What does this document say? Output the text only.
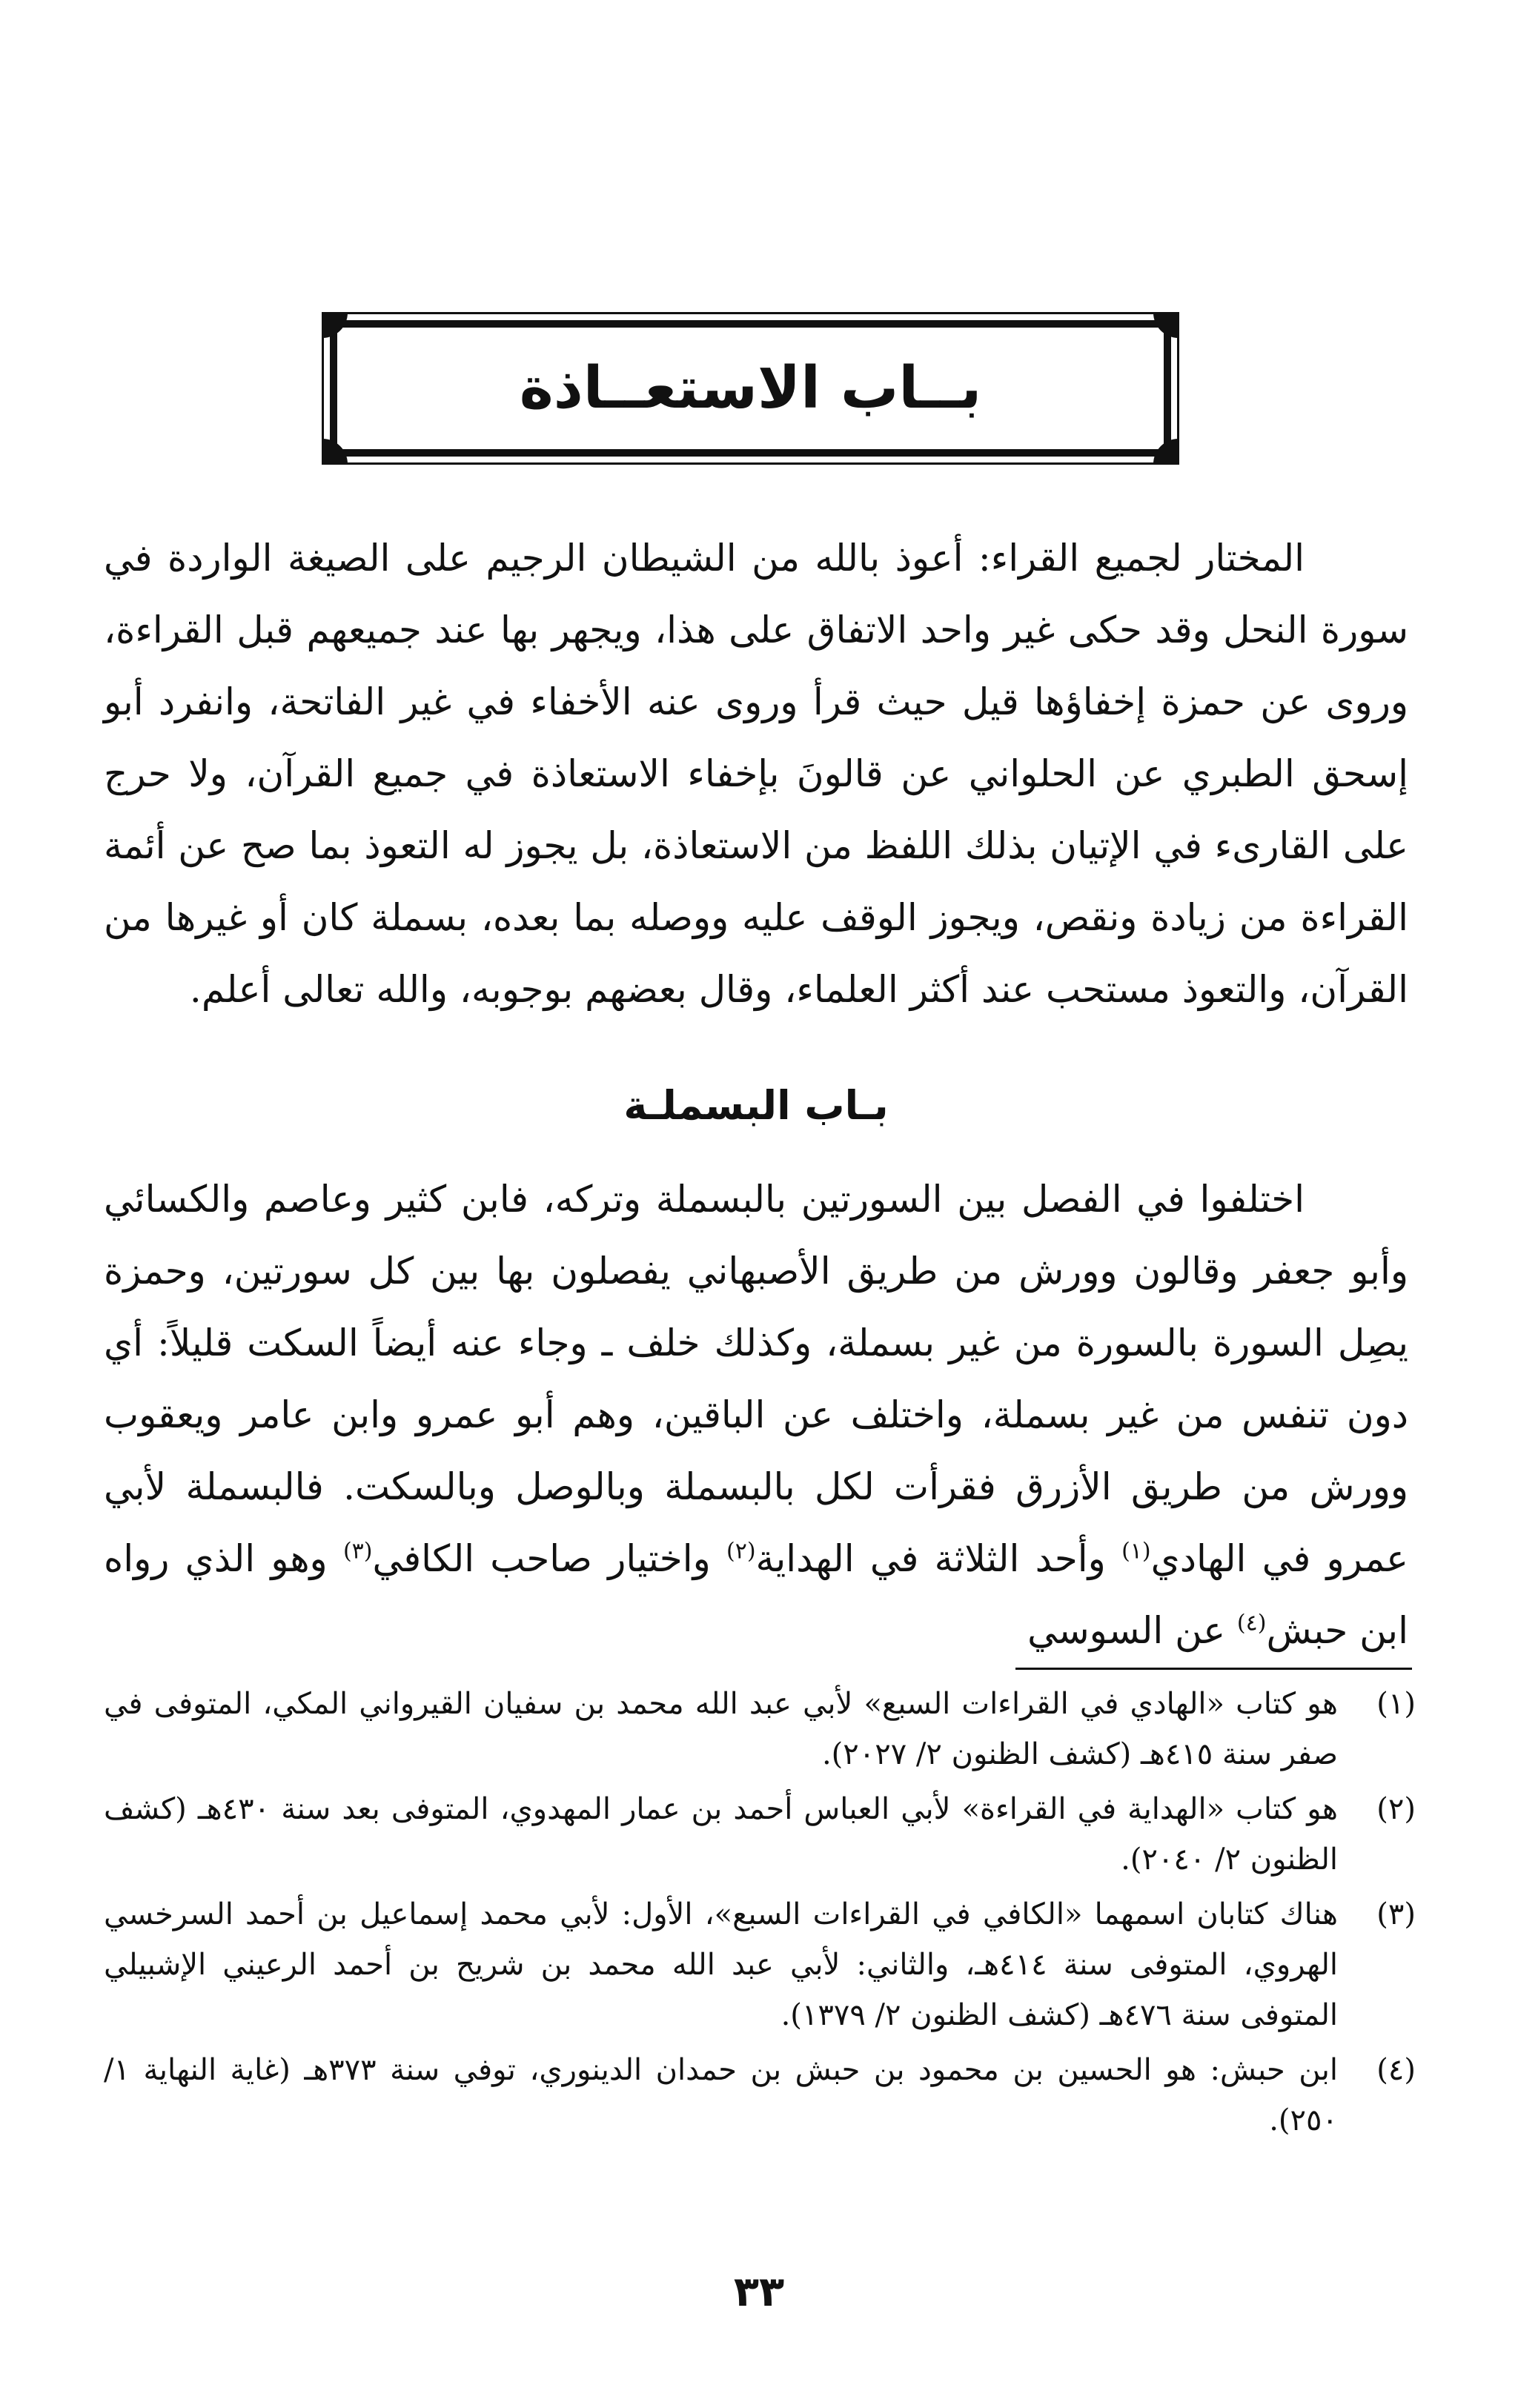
بــاب الاستعــاذة

المختار لجميع القراء: أعوذ بالله من الشيطان الرجيم على الصيغة الواردة في سورة النحل وقد حكى غير واحد الاتفاق على هذا، ويجهر بها عند جميعهم قبل القراءة، وروى عن حمزة إخفاؤها قيل حيث قرأ وروى عنه الأخفاء في غير الفاتحة، وانفرد أبو إسحق الطبري عن الحلواني عن قالونَ بإخفاء الاستعاذة في جميع القرآن، ولا حرج على القارىء في الإتيان بذلك اللفظ من الاستعاذة، بل يجوز له التعوذ بما صح عن أئمة القراءة من زيادة ونقص، ويجوز الوقف عليه ووصله بما بعده، بسملة كان أو غيرها من القرآن، والتعوذ مستحب عند أكثر العلماء، وقال بعضهم بوجوبه، والله تعالى أعلم.

بـاب البسملـة

اختلفوا في الفصل بين السورتين بالبسملة وتركه، فابن كثير وعاصم والكسائي وأبو جعفر وقالون وورش من طريق الأصبهاني يفصلون بها بين كل سورتين، وحمزة يصِل السورة بالسورة من غير بسملة، وكذلك خلف ـ وجاء عنه أيضاً السكت قليلاً: أي دون تنفس من غير بسملة، واختلف عن الباقين، وهم أبو عمرو وابن عامر ويعقوب وورش من طريق الأزرق فقرأت لكل بالبسملة وبالوصل وبالسكت. فالبسملة لأبي عمرو في الهادي$^{(١)}$ وأحد الثلاثة في الهداية$^{(٢)}$ واختيار صاحب الكافي$^{(٣)}$ وهو الذي رواه ابن حبش$^{(٤)}$ عن السوسي

(١)
هو كتاب «الهادي في القراءات السبع» لأبي عبد الله محمد بن سفيان القيرواني المكي، المتوفى في صفر سنة ٤١٥هـ (كشف الظنون ٢/ ٢٠٢٧).
(٢)
هو كتاب «الهداية في القراءة» لأبي العباس أحمد بن عمار المهدوي، المتوفى بعد سنة ٤٣٠هـ (كشف الظنون ٢/ ٢٠٤٠).
(٣)
هناك كتابان اسمهما «الكافي في القراءات السبع»، الأول: لأبي محمد إسماعيل بن أحمد السرخسي الهروي، المتوفى سنة ٤١٤هـ، والثاني: لأبي عبد الله محمد بن شريح بن أحمد الرعيني الإشبيلي المتوفى سنة ٤٧٦هـ (كشف الظنون ٢/ ١٣٧٩).
(٤)
ابن حبش: هو الحسين بن محمود بن حبش بن حمدان الدينوري، توفي سنة ٣٧٣هـ (غاية النهاية ١/ ٢٥٠).
٣٣
